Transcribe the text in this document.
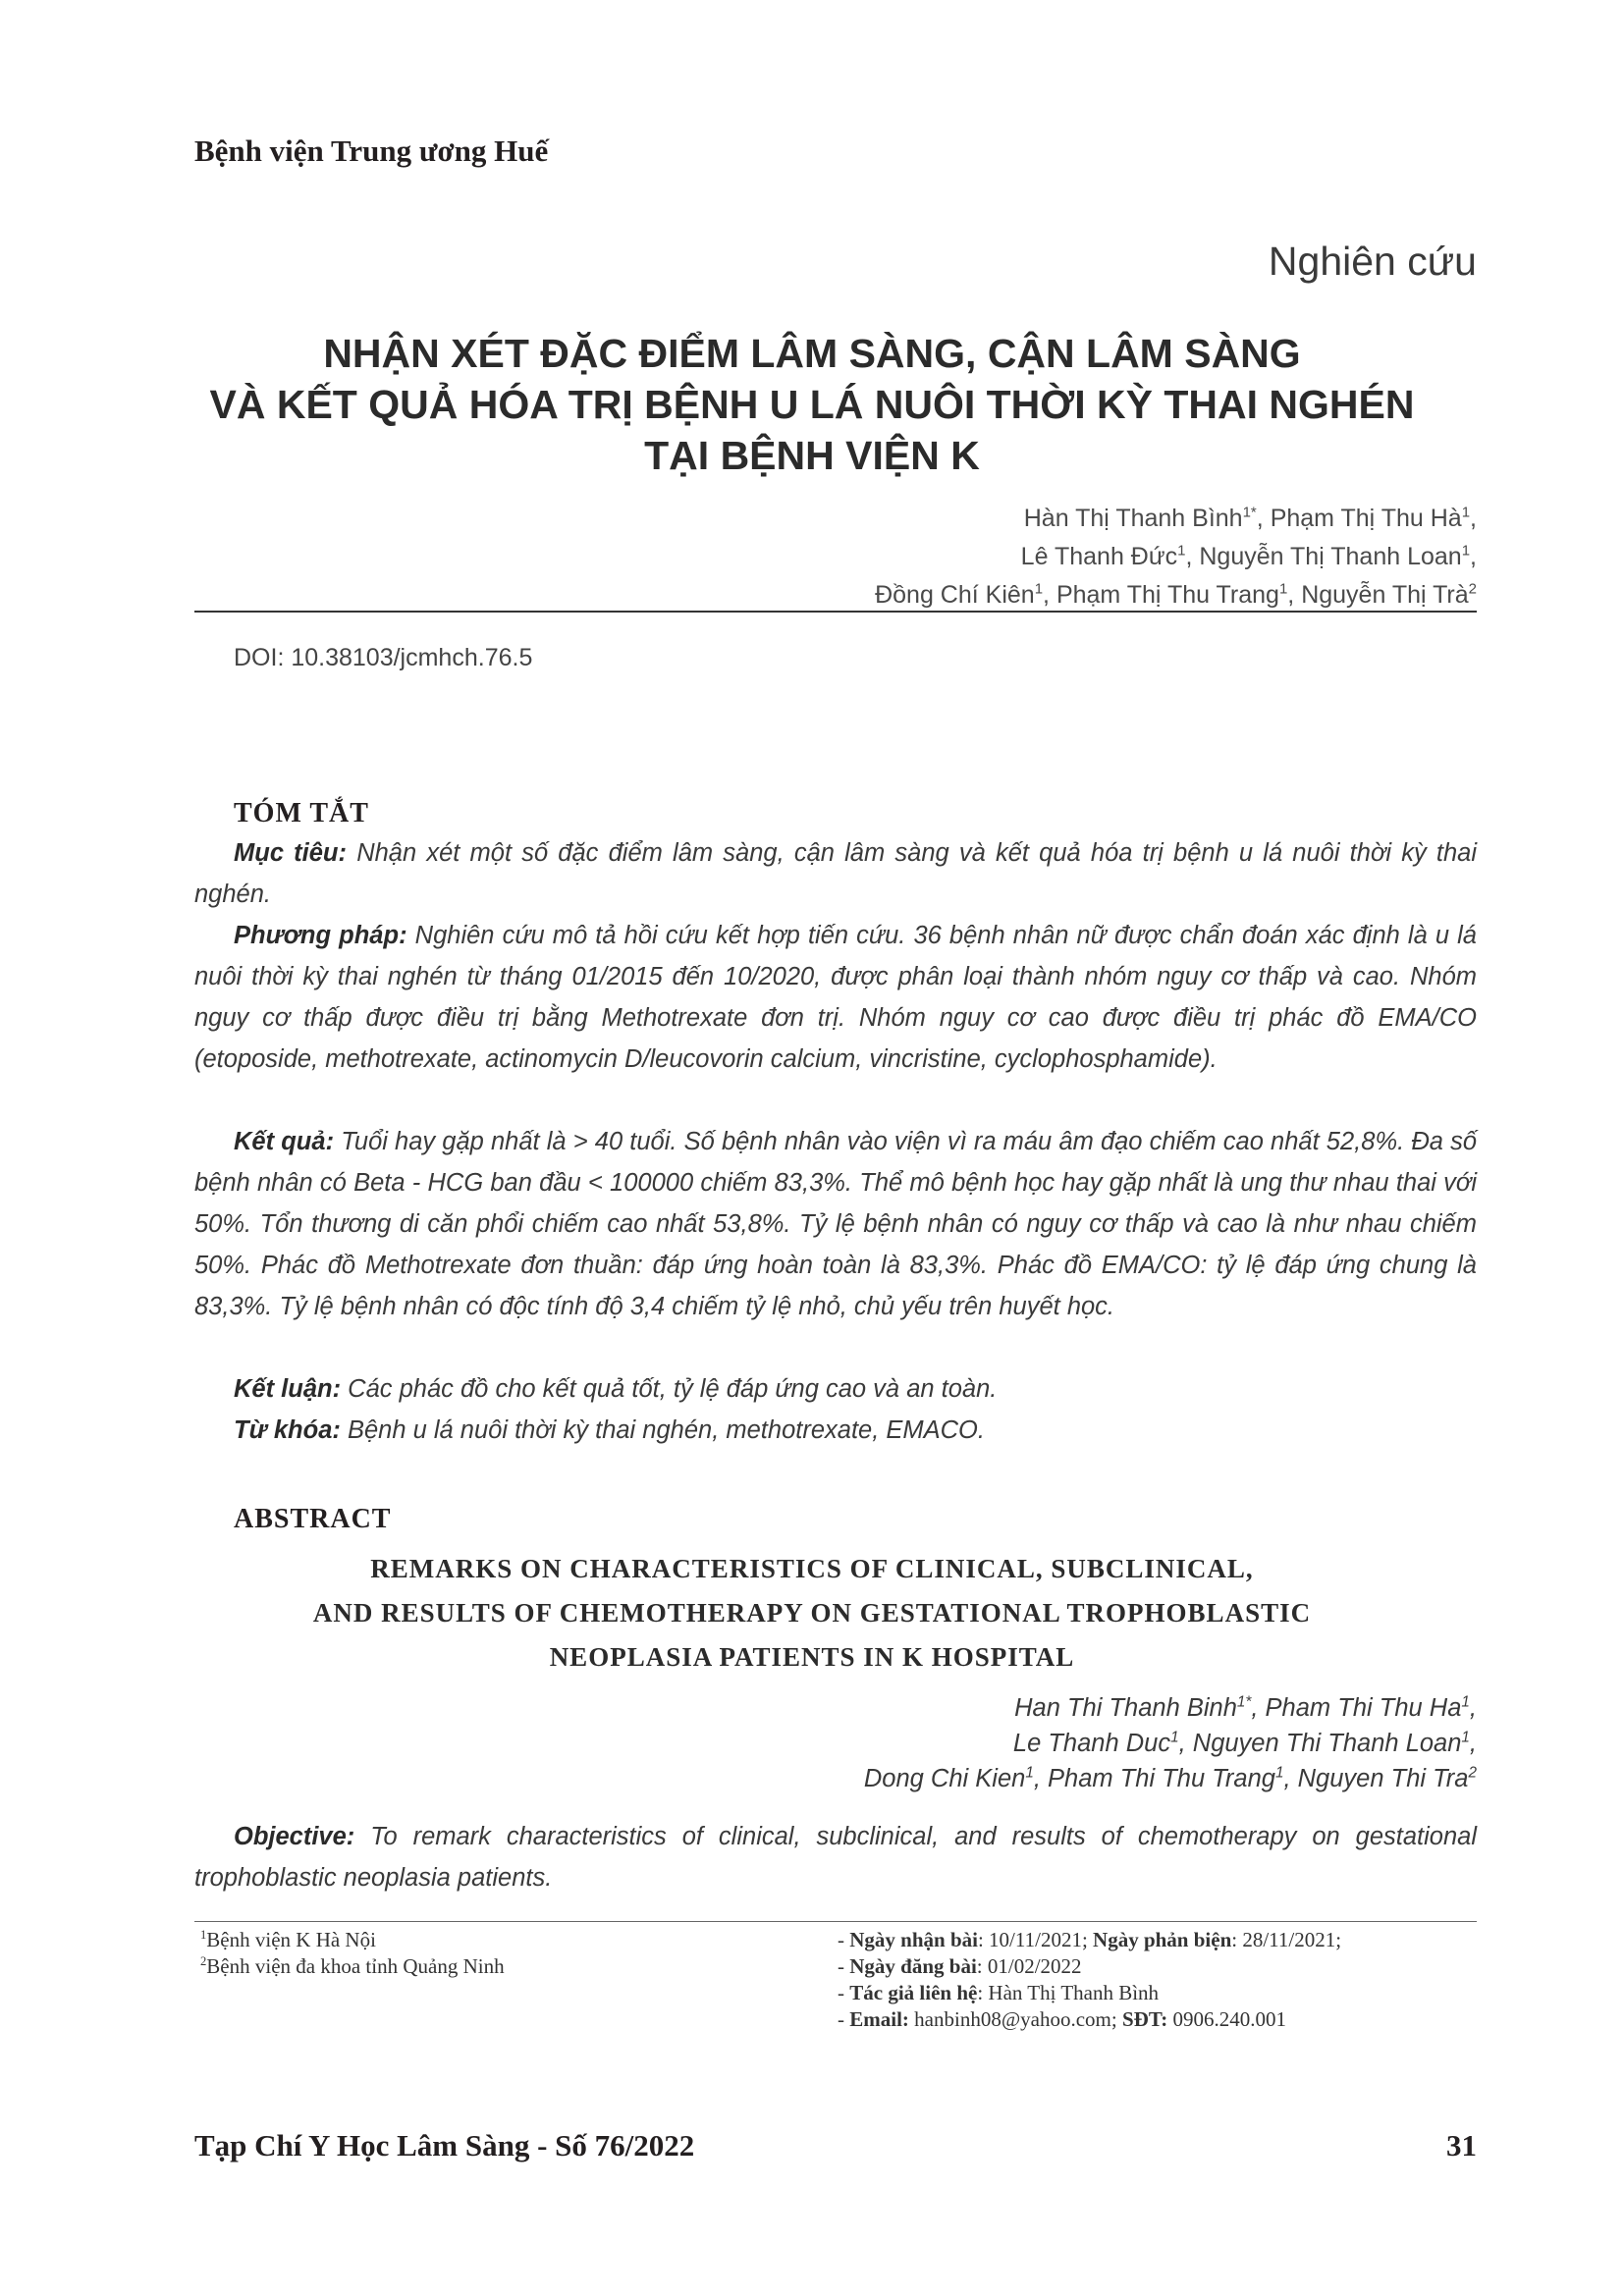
Bệnh viện Trung ương Huế
Nghiên cứu
NHẬN XÉT ĐẶC ĐIỂM LÂM SÀNG, CẬN LÂM SÀNG
VÀ KẾT QUẢ HÓA TRỊ BỆNH U LÁ NUÔI THỜI KỲ THAI NGHÉN
TẠI BỆNH VIỆN K
Hàn Thị Thanh Bình$^{1*}$, Phạm Thị Thu $Hà^1$,
Lê Thanh Đức$^1$, Nguyễn Thị Thanh Loan$^1$,
Đồng Chí Kiên$^1$, Phạm Thị Thu Trang$^1$, Nguyễn Thị Trà$^2$
DOI: 10.38103/jcmhch.76.5
TÓM TẮT
Mục tiêu: Nhận xét một số đặc điểm lâm sàng, cận lâm sàng và kết quả hóa trị bệnh u lá nuôi thời kỳ thai nghén.
Phương pháp: Nghiên cứu mô tả hồi cứu kết hợp tiến cứu. 36 bệnh nhân nữ được chẩn đoán xác định là u lá nuôi thời kỳ thai nghén từ tháng 01/2015 đến 10/2020, được phân loại thành nhóm nguy cơ thấp và cao. Nhóm nguy cơ thấp được điều trị bằng Methotrexate đơn trị. Nhóm nguy cơ cao được điều trị phác đồ EMA/CO (etoposide, methotrexate, actinomycin D/leucovorin calcium, vincristine, cyclophosphamide).
Kết quả: Tuổi hay gặp nhất là > 40 tuổi. Số bệnh nhân vào viện vì ra máu âm đạo chiếm cao nhất 52,8%. Đa số bệnh nhân có Beta - HCG ban đầu < 100000 chiếm 83,3%. Thể mô bệnh học hay gặp nhất là ung thư nhau thai với 50%. Tổn thương di căn phổi chiếm cao nhất 53,8%. Tỷ lệ bệnh nhân có nguy cơ thấp và cao là như nhau chiếm 50%. Phác đồ Methotrexate đơn thuần: đáp ứng hoàn toàn là 83,3%. Phác đồ EMA/CO: tỷ lệ đáp ứng chung là 83,3%. Tỷ lệ bệnh nhân có độc tính độ 3,4 chiếm tỷ lệ nhỏ, chủ yếu trên huyết học.
Kết luận: Các phác đồ cho kết quả tốt, tỷ lệ đáp ứng cao và an toàn.
Từ khóa: Bệnh u lá nuôi thời kỳ thai nghén, methotrexate, EMACO.
ABSTRACT
REMARKS ON CHARACTERISTICS OF CLINICAL, SUBCLINICAL,
AND RESULTS OF CHEMOTHERAPY ON GESTATIONAL TROPHOBLASTIC
NEOPLASIA PATIENTS IN K HOSPITAL
Han Thi Thanh Binh$^{1*}$, Pham Thi Thu Ha$^1$,
Le Thanh Duc$^1$, Nguyen Thi Thanh Loan$^1$,
Dong Chi Kien$^1$, Pham Thi Thu Trang$^1$, Nguyen Thi Tra$^2$
Objective: To remark characteristics of clinical, subclinical, and results of chemotherapy on gestational trophoblastic neoplasia patients.
$^1$Bệnh viện K Hà Nội
$^2$Bệnh viện đa khoa tỉnh Quảng Ninh
- Ngày nhận bài: 10/11/2021; Ngày phản biện: 28/11/2021;
- Ngày đăng bài: 01/02/2022
- Tác giả liên hệ: Hàn Thị Thanh Bình
- Email: hanbinh08@yahoo.com; SĐT: 0906.240.001
Tạp Chí Y Học Lâm Sàng - Số 76/2022	31
